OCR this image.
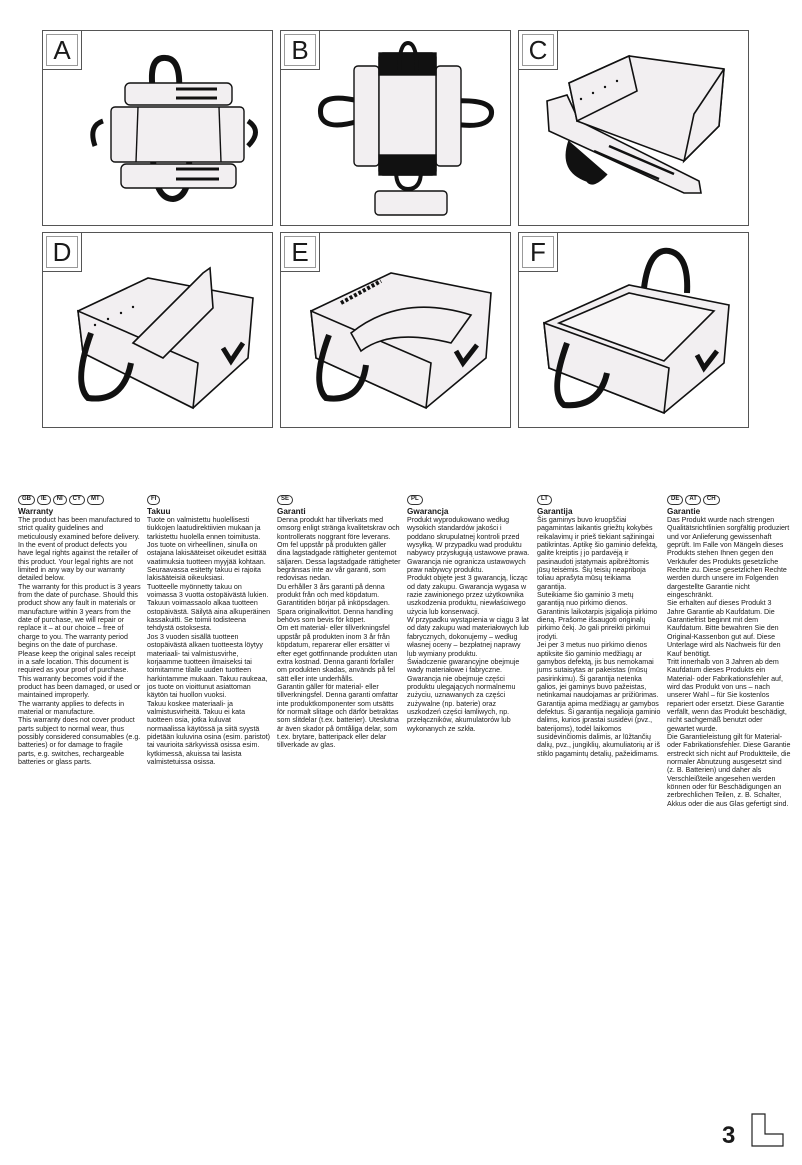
A	B	C
D	E	F
GB	IE	NI	CY	MT
Warranty

The product has been manufactured to strict quality guidelines and meticulously examined before delivery. In the event of product defects you have legal rights against the retailer of this product. Your legal rights are not limited in any way by our warranty detailed below.

The warranty for this product is 3 years from the date of purchase. Should this product show any fault in materials or manufacture within 3 years from the date of purchase, we will repair or replace it – at our choice – free of charge to you. The warranty period begins on the date of purchase.

Please keep the original sales receipt in a safe location. This document is required as your proof of purchase. This warranty becomes void if the product has been damaged, or used or maintained improperly.

The warranty applies to defects in material or manufacture.

This warranty does not cover product parts subject to normal wear, thus possibly considered consumables (e.g. batteries) or for damage to fragile parts, e.g. switches, rechargeable batteries or glass parts.

FI
Takuu

Tuote on valmistettu huolellisesti tiukkojen laatudirektiivien mukaan ja tarkistettu huolella ennen toimitusta. Jos tuote on virheellinen, sinulla on ostajana lakisääteiset oikeudet esittää vaatimuksia tuotteen myyjää kohtaan. Seuraavassa esitetty takuu ei rajoita lakisääteisiä oikeuksiasi.

Tuotteelle myönnetty takuu on voimassa 3 vuotta ostopäivästä lukien. Takuun voimassaolo alkaa tuotteen ostopäivästä. Säilytä aina alkuperäinen kassakuitti. Se toimii todisteena tehdystä ostoksesta.

Jos 3 vuoden sisällä tuotteen ostopäivästä alkaen tuotteesta löytyy materiaali- tai valmistusvirhe, korjaamme tuotteen ilmaiseksi tai toimitamme tilalle uuden tuotteen harkintamme mukaan. Takuu raukeaa, jos tuote on vioittunut asiattoman käytön tai huollon vuoksi.

Takuu koskee materiaali- ja valmistusvirheitä. Takuu ei kata tuotteen osia, jotka kuluvat normaalissa käytössä ja siitä syystä pidetään kuluvina osina (esim. paristot) tai vaurioita särkyvissä osissa esim. kytkimessä, akuissa tai lasista valmistetuissa osissa.

SE
Garanti

Denna produkt har tillverkats med omsorg enligt stränga kvalitetskrav och kontrollerats noggrant före leverans. Om fel uppstår på produkten gäller dina lagstadgade rättigheter gentemot säljaren. Dessa lagstadgade rättigheter begränsas inte av vår garanti, som redovisas nedan.

Du erhåller 3 års garanti på denna produkt från och med köpdatum. Garantitiden börjar på inköpsdagen. Spara originalkvittot. Denna handling behövs som bevis för köpet.

Om ett material- eller tillverkningsfel uppstår på produkten inom 3 år från köpdatum, reparerar eller ersätter vi efter eget gottfinnande produkten utan extra kostnad. Denna garanti förfaller om produkten skadas, används på fel sätt eller inte underhålls.

Garantin gäller för material- eller tillverkningsfel. Denna garanti omfattar inte produktkomponenter som utsätts för normalt slitage och därför betraktas som slitdelar (t.ex. batterier). Uteslutna är även skador på ömtåliga delar, som t.ex. brytare, batteripack eller delar tillverkade av glas.

PL
Gwarancja

Produkt wyprodukowano według wysokich standardów jakości i poddano skrupulatnej kontroli przed wysyłką. W przypadku wad produktu nabywcy przysługują ustawowe prawa. Gwarancja nie ogranicza ustawowych praw nabywcy produktu.

Produkt objęte jest 3 gwarancją, licząc od daty zakupu. Gwarancja wygasa w razie zawinionego przez użytkownika uszkodzenia produktu, niewłaściwego użycia lub konserwacji.

W przypadku wystąpienia w ciągu 3 lat od daty zakupu wad materiałowych lub fabrycznych, dokonujemy – według własnej oceny – bezpłatnej naprawy lub wymiany produktu.

Świadczenie gwarancyjne obejmuje wady materiałowe i fabryczne. Gwarancja nie obejmuje części produktu ulegających normalnemu zużyciu, uznawanych za części zużywalne (np. baterie) oraz uszkodzeń części łamliwych, np. przełączników, akumulatorów lub wykonanych ze szkła.

LT
Garantija

Šis gaminys buvo kruopščiai pagamintas laikantis griežtų kokybės reikalavimų ir prieš tiekiant sąžiningai patikrintas. Aptikę šio gaminio defektą, galite kreiptis į jo pardavėją ir pasinaudoti įstatymais apibrėžtomis jūsų teisėmis. Šių teisių neapriboja toliau aprašyta mūsų teikiama garantija.

Suteikiame šio gaminio 3 metų garantiją nuo pirkimo dienos. Garantinis laikotarpis įsigalioja pirkimo dieną. Prašome išsaugoti originalų pirkimo čekį. Jo gali prireikti pirkimui įrodyti.

Jei per 3 metus nuo pirkimo dienos aptiksite šio gaminio medžiagų ar gamybos defektą, jis bus nemokamai jums sutaisytas ar pakeistas (mūsų pasirinkimu). Ši garantija netenka galios, jei gaminys buvo pažeistas, netinkamai naudojamas ar prižiūrimas.

Garantija apima medžiagų ar gamybos defektus. Ši garantija negalioja gaminio dalims, kurios įprastai susidėvi (pvz., baterijoms), todėl laikomos susidėvinčiomis dalimis, ar lūžtančių dalių, pvz., jungiklių, akumuliatorių ar iš stiklo pagamintų detalių, pažeidimams.

DE	AT	CH
Garantie

Das Produkt wurde nach strengen Qualitätsrichtlinien sorgfältig produziert und vor Anlieferung gewissenhaft geprüft. Im Falle von Mängeln dieses Produkts stehen Ihnen gegen den Verkäufer des Produkts gesetzliche Rechte zu. Diese gesetzlichen Rechte werden durch unsere im Folgenden dargestellte Garantie nicht eingeschränkt.

Sie erhalten auf dieses Produkt 3 Jahre Garantie ab Kaufdatum. Die Garantiefrist beginnt mit dem Kaufdatum. Bitte bewahren Sie den Original-Kassenbon gut auf. Diese Unterlage wird als Nachweis für den Kauf benötigt.

Tritt innerhalb von 3 Jahren ab dem Kaufdatum dieses Produkts ein Material- oder Fabrikationsfehler auf, wird das Produkt von uns – nach unserer Wahl – für Sie kostenlos repariert oder ersetzt. Diese Garantie verfällt, wenn das Produkt beschädigt, nicht sachgemäß benutzt oder gewartet wurde.

Die Garantieleistung gilt für Material- oder Fabrikationsfehler. Diese Garantie erstreckt sich nicht auf Produktteile, die normaler Abnutzung ausgesetzt sind (z. B. Batterien) und daher als Verschleißteile angesehen werden können oder für Beschädigungen an zerbrechlichen Teilen, z. B. Schalter, Akkus oder die aus Glas gefertigt sind.

3
